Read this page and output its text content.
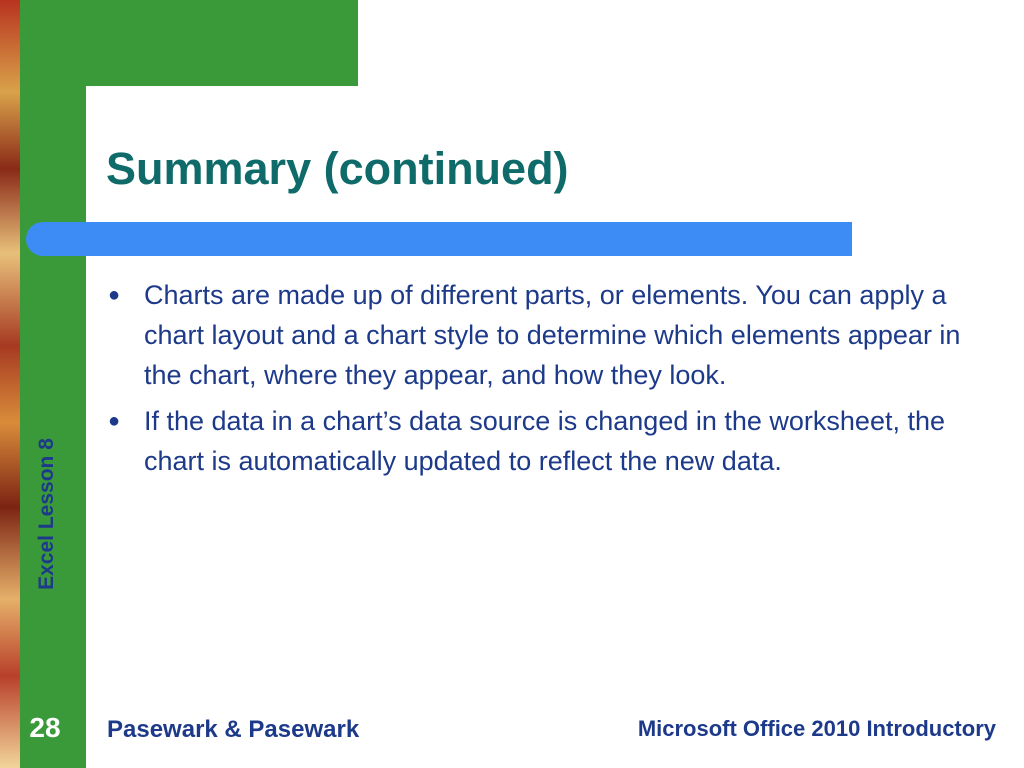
Excel Lesson 8
28
Summary (continued)
● Charts are made up of different parts, or elements. You can apply a chart layout and a chart style to determine which elements appear in the chart, where they appear, and how they look.
● If the data in a chart’s data source is changed in the worksheet, the chart is automatically updated to reflect the new data.
Pasewark & Pasewark	Microsoft Office 2010 Introductory
